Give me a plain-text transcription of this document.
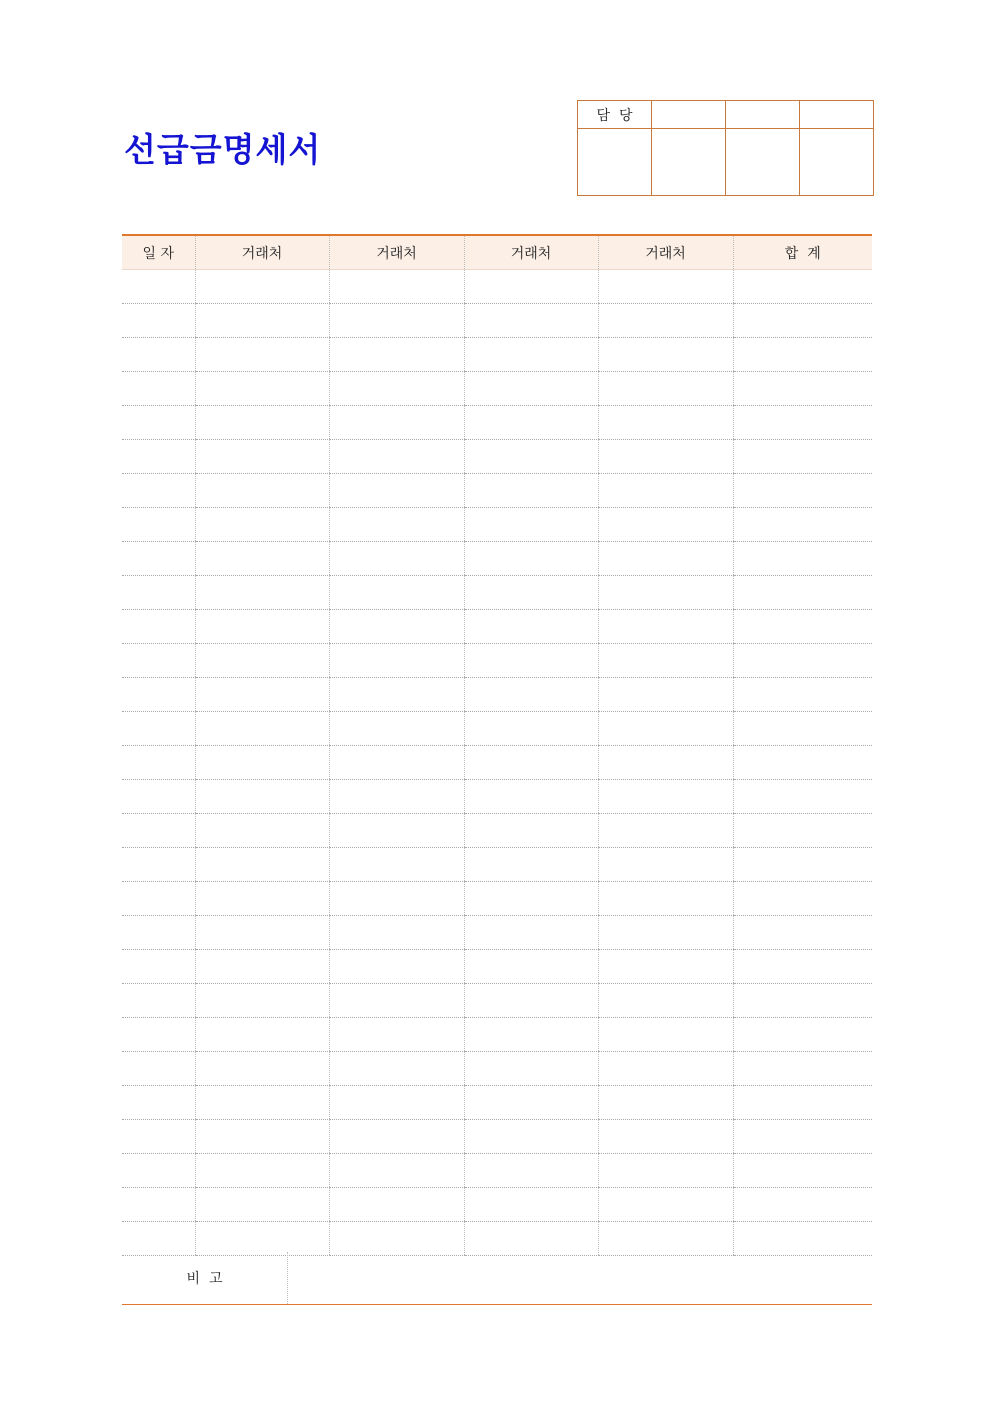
선급금명세서
담  당			

일 자	거래처	거래처	거래처	거래처	합  계

비  고
